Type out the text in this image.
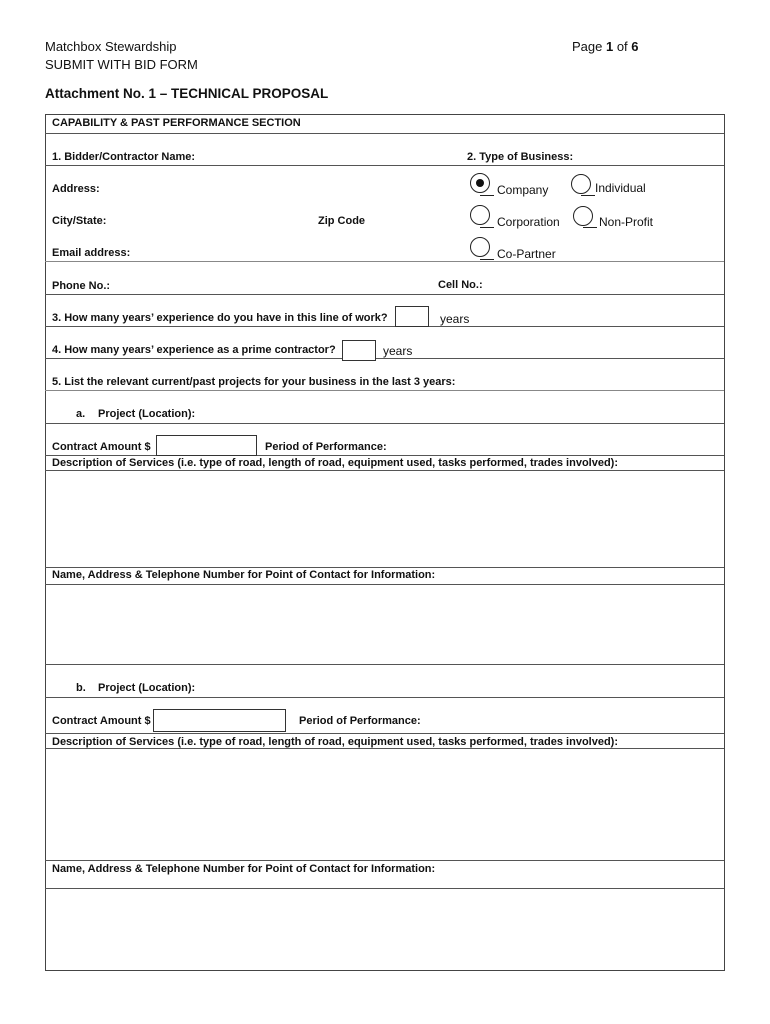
Matchbox Stewardship
SUBMIT WITH BID FORM
Page 1 of 6
Attachment No. 1 – TECHNICAL PROPOSAL
CAPABILITY & PAST PERFORMANCE SECTION
1. Bidder/Contractor Name:	2. Type of Business:
Address:
City/State:	Zip Code
Email address:
Company	Individual
Corporation	Non-Profit
Co-Partner
Phone No.:	Cell No.:
3. How many years’ experience do you have in this line of work?	years
4. How many years’ experience as a prime contractor?	years
5. List the relevant current/past projects for your business in the last 3 years:
a. Project (Location):
Contract Amount $	Period of Performance:
Description of Services (i.e. type of road, length of road, equipment used, tasks performed, trades involved):
Name, Address & Telephone Number for Point of Contact for Information:
b. Project (Location):
Contract Amount $	Period of Performance:
Description of Services (i.e. type of road, length of road, equipment used, tasks performed, trades involved):
Name, Address & Telephone Number for Point of Contact for Information:
